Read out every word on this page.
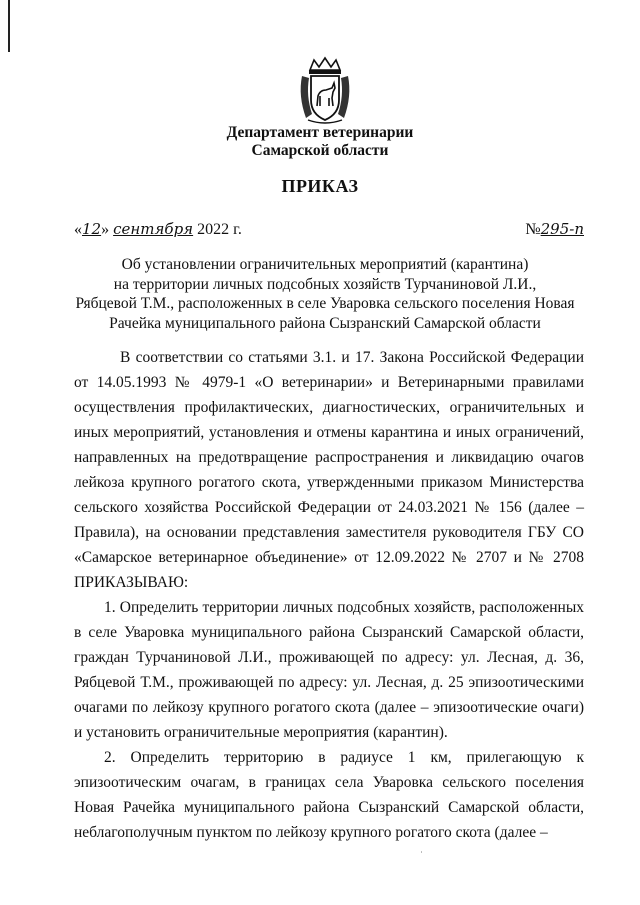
Департамент ветеринарии
Самарской области
ПРИКАЗ
«12» сентября 2022 г.	№295-п
Об установлении ограничительных мероприятий (карантина)
на территории личных подсобных хозяйств Турчаниновой Л.И.,
Рябцевой Т.М., расположенных в селе Уваровка сельского поселения Новая
Рачейка муниципального района Сызранский Самарской области

В соответствии со статьями 3.1. и 17. Закона Российской Федерации от 14.05.1993 № 4979-1 «О ветеринарии» и Ветеринарными правилами осуществления профилактических, диагностических, ограничительных и иных мероприятий, установления и отмены карантина и иных ограничений, направленных на предотвращение распространения и ликвидацию очагов лейкоза крупного рогатого скота, утвержденными приказом Министерства сельского хозяйства Российской Федерации от 24.03.2021 № 156 (далее – Правила), на основании представления заместителя руководителя ГБУ СО «Самарское ветеринарное объединение» от 12.09.2022 № 2707 и № 2708 ПРИКАЗЫВАЮ:

1. Определить территории личных подсобных хозяйств, расположенных в селе Уваровка муниципального района Сызранский Самарской области, граждан Турчаниновой Л.И., проживающей по адресу: ул. Лесная, д. 36, Рябцевой Т.М., проживающей по адресу: ул. Лесная, д. 25 эпизоотическими очагами по лейкозу крупного рогатого скота (далее – эпизоотические очаги) и установить ограничительные мероприятия (карантин).

2. Определить территорию в радиусе 1 км, прилегающую к эпизоотическим очагам, в границах села Уваровка сельского поселения Новая Рачейка муниципального района Сызранский Самарской области, неблагополучным пунктом по лейкозу крупного рогатого скота (далее –

˙
